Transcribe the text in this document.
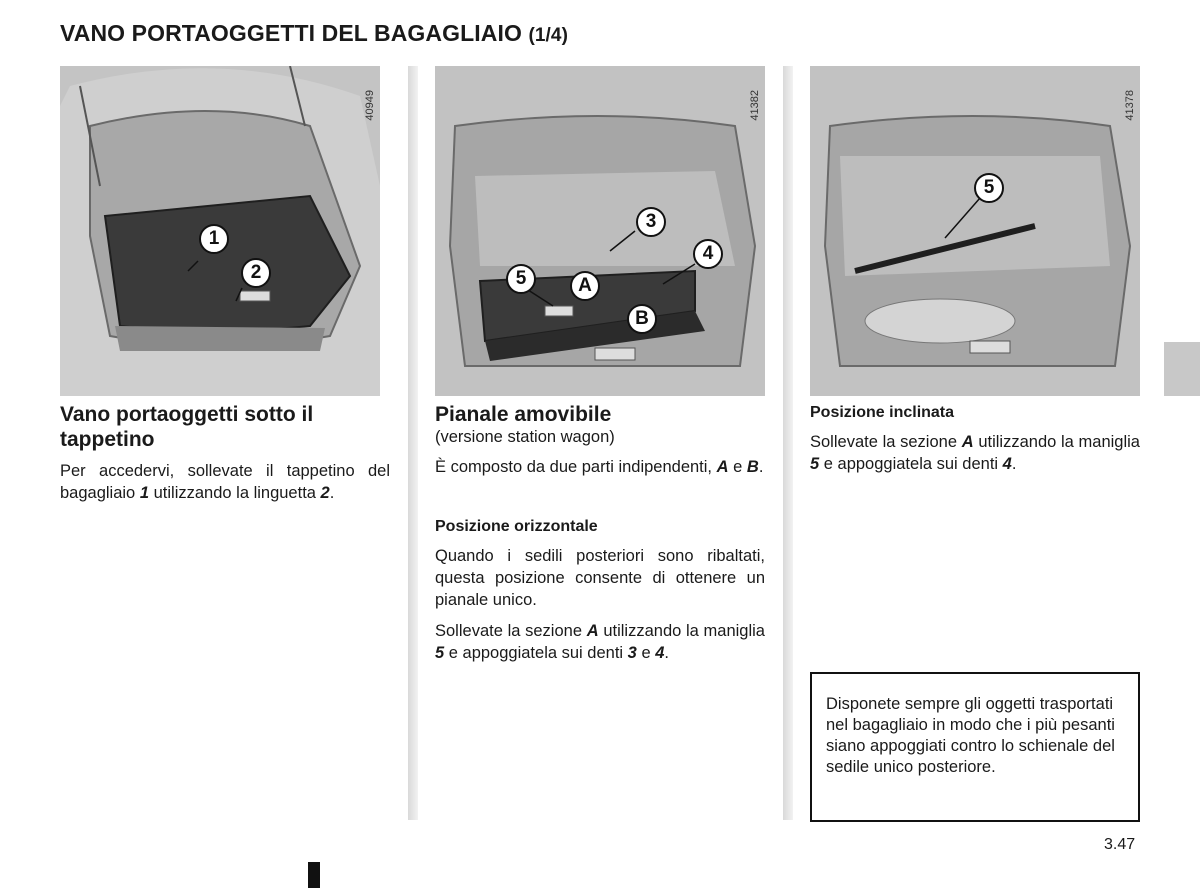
VANO PORTAOGGETTI DEL BAGAGLIAIO (1/4)
40949
1
2
41382
3
4
5	A
B
41378
5
Vano portaoggetti sotto il tappetino

Per accedervi, sollevate il tappetino del bagagliaio 1 utilizzando la linguetta 2.

Pianale amovibile

(versione station wagon)

È composto da due parti indipendenti, A e B.

Posizione orizzontale

Quando i sedili posteriori sono ribaltati, questa posizione consente di ottenere un pianale unico.

Sollevate la sezione A utilizzando la maniglia 5 e appoggiatela sui denti 3 e 4.

Posizione inclinata

Sollevate la sezione A utilizzando la maniglia 5 e appoggiatela sui denti 4.

Disponete sempre gli oggetti trasportati nel bagagliaio in modo che i più pesanti siano appoggiati contro lo schienale del sedile unico posteriore.

3.47
